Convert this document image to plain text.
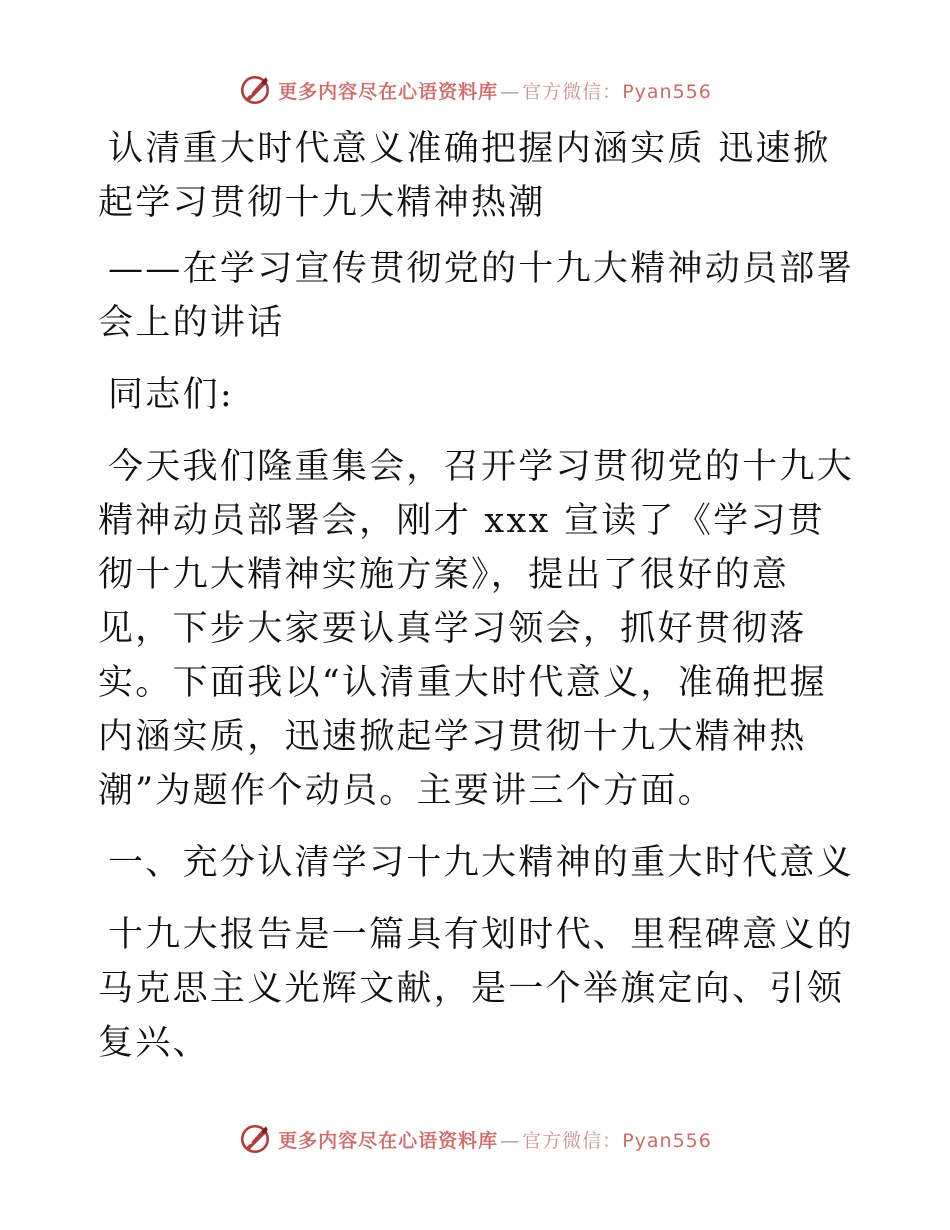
更多内容尽在心语资料库 — 官方微信：Pyan556

认清重大时代意义准确把握内涵实质 迅速掀起学习贯彻十九大精神热潮

——在学习宣传贯彻党的十九大精神动员部署会上的讲话

同志们:

今天我们隆重集会，召开学习贯彻党的十九大精神动员部署会，刚才 xxx 宣读了《学习贯彻十九大精神实施方案》，提出了很好的意见，下步大家要认真学习领会，抓好贯彻落实。下面我以“认清重大时代意义，准确把握内涵实质，迅速掀起学习贯彻十九大精神热潮”为题作个动员。主要讲三个方面。

一、充分认清学习十九大精神的重大时代意义

十九大报告是一篇具有划时代、里程碑意义的马克思主义光辉文献，是一个举旗定向、引领复兴、

更多内容尽在心语资料库 — 官方微信：Pyan556
